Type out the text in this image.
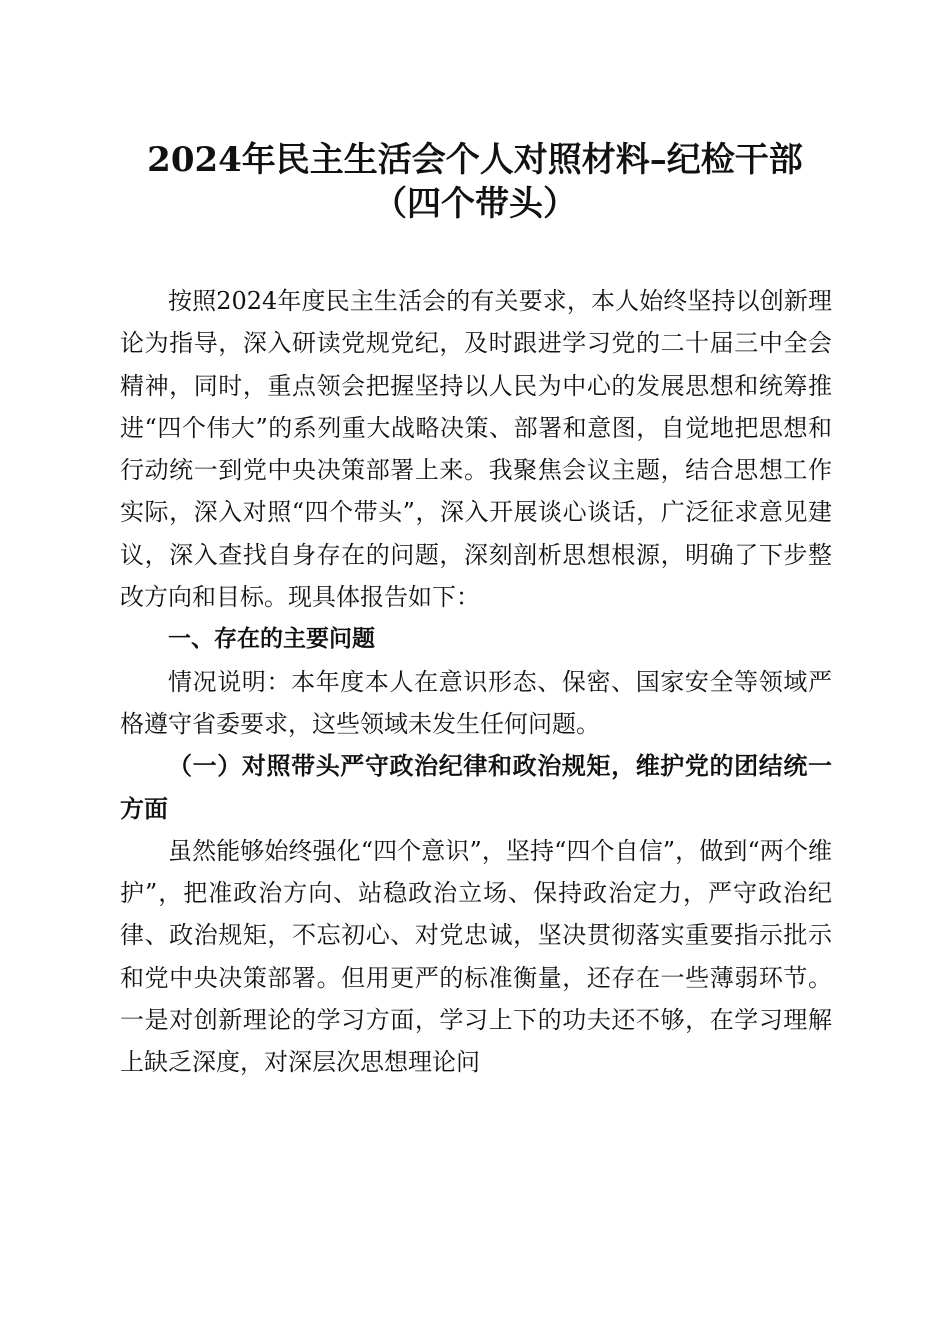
2024年民主生活会个人对照材料–纪检干部
（四个带头）

按照2024年度民主生活会的有关要求，本人始终坚持以创新理论为指导，深入研读党规党纪，及时跟进学习党的二十届三中全会精神，同时，重点领会把握坚持以人民为中心的发展思想和统筹推进“四个伟大”的系列重大战略决策、部署和意图，自觉地把思想和行动统一到党中央决策部署上来。我聚焦会议主题，结合思想工作实际，深入对照“四个带头”，深入开展谈心谈话，广泛征求意见建议，深入查找自身存在的问题，深刻剖析思想根源，明确了下步整改方向和目标。现具体报告如下：

一、存在的主要问题

情况说明：本年度本人在意识形态、保密、国家安全等领域严格遵守省委要求，这些领域未发生任何问题。

（一）对照带头严守政治纪律和政治规矩，维护党的团结统一方面

虽然能够始终强化“四个意识”，坚持“四个自信”，做到“两个维护”，把准政治方向、站稳政治立场、保持政治定力，严守政治纪律、政治规矩，不忘初心、对党忠诚，坚决贯彻落实重要指示批示和党中央决策部署。但用更严的标准衡量，还存在一些薄弱环节。一是对创新理论的学习方面，学习上下的功夫还不够，在学习理解上缺乏深度，对深层次思想理论问
